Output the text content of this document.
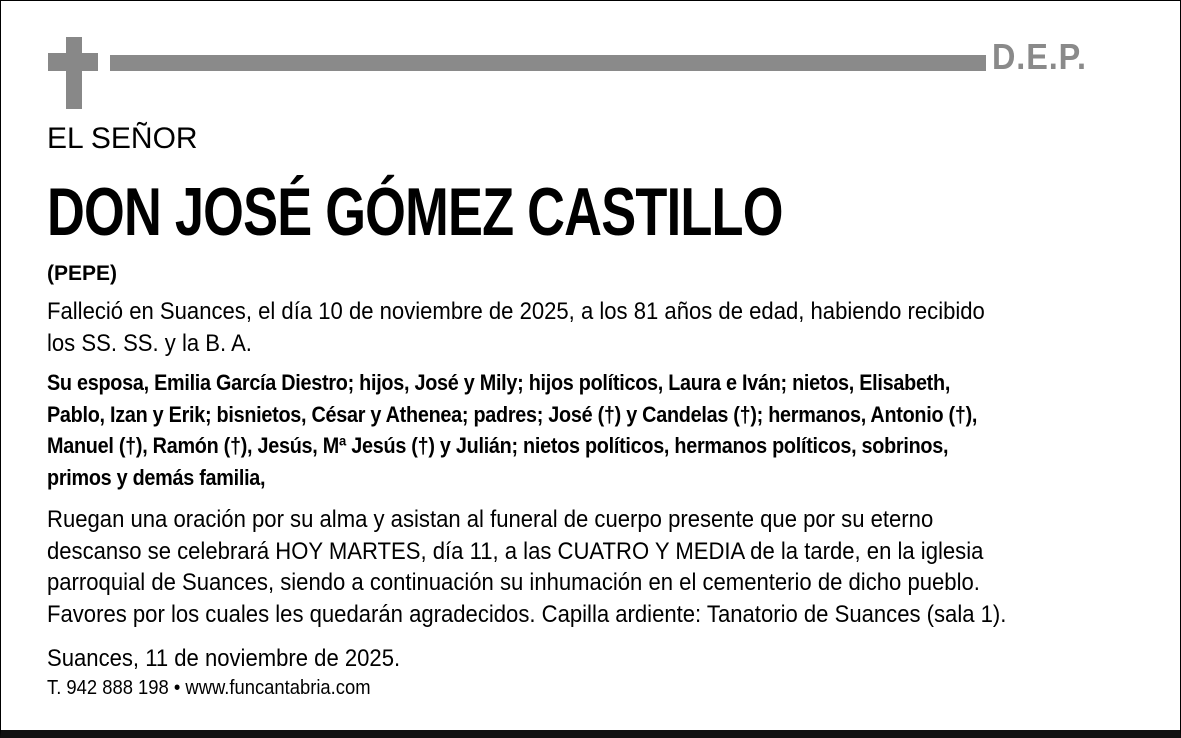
D.E.P.
EL SEÑOR
DON JOSÉ GÓMEZ CASTILLO
(PEPE)
Falleció en Suances, el día 10 de noviembre de 2025, a los 81 años de edad, habiendo recibido
los SS. SS. y la B. A.
Su esposa, Emilia García Diestro; hijos, José y Mily; hijos políticos, Laura e Iván; nietos, Elisabeth,
Pablo, Izan y Erik; bisnietos, César y Athenea; padres; José (†) y Candelas (†); hermanos, Antonio (†),
Manuel (†), Ramón (†), Jesús, Mª Jesús (†) y Julián; nietos políticos, hermanos políticos, sobrinos,
primos y demás familia,
Ruegan una oración por su alma y asistan al funeral de cuerpo presente que por su eterno
descanso se celebrará HOY MARTES, día 11, a las CUATRO Y MEDIA de la tarde, en la iglesia
parroquial de Suances, siendo a continuación su inhumación en el cementerio de dicho pueblo.
Favores por los cuales les quedarán agradecidos. Capilla ardiente: Tanatorio de Suances (sala 1).
Suances, 11 de noviembre de 2025.
T. 942 888 198 • www.funcantabria.com
